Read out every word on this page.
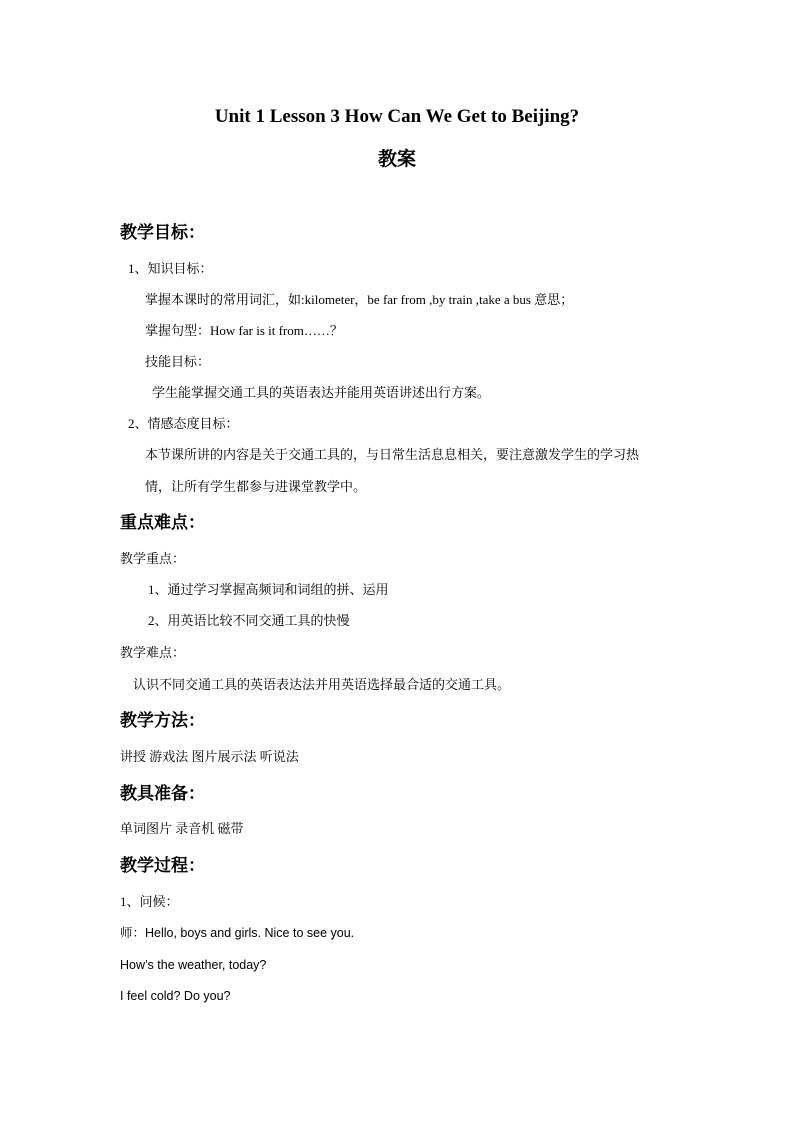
Unit 1 Lesson 3 How Can We Get to Beijing?
教案
教学目标：
1、知识目标：
掌握本课时的常用词汇，如:kilometer，be far from ,by train ,take a bus 意思；
掌握句型：How far is it from……？
技能目标：
学生能掌握交通工具的英语表达并能用英语讲述出行方案。
2、情感态度目标：
本节课所讲的内容是关于交通工具的，与日常生活息息相关，要注意激发学生的学习热
情，让所有学生都参与进课堂教学中。
重点难点：
教学重点：
1、通过学习掌握高频词和词组的拼、运用
2、用英语比较不同交通工具的快慢
教学难点：
认识不同交通工具的英语表达法并用英语选择最合适的交通工具。
教学方法：
讲授 游戏法 图片展示法 听说法
教具准备：
单词图片 录音机 磁带
教学过程：
1、问候：
师：Hello, boys and girls. Nice to see you.
How’s the weather, today?
I feel cold? Do you?
